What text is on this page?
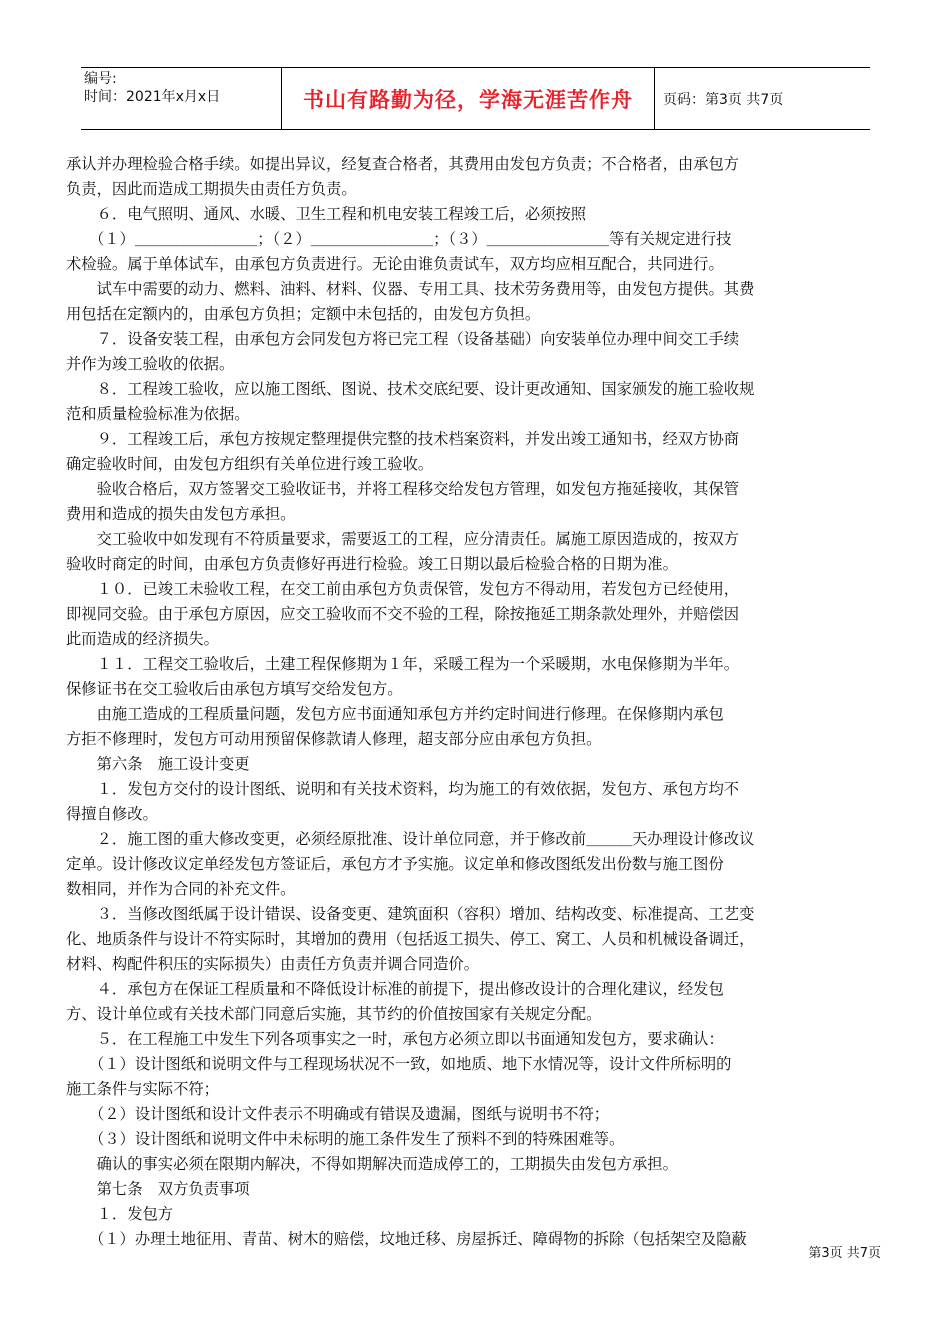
编号:
时间：2021年x月x日	书山有路勤为径，学海无涯苦作舟	页码：第3页 共7页
承认并办理检验合格手续。如提出异议，经复查合格者，其费用由发包方负责；不合格者，由承包方
负责，因此而造成工期损失由责任方负责。
　　６．电气照明、通风、水暖、卫生工程和机电安装工程竣工后，必须按照
　　（１）＿＿＿＿＿＿＿＿；（２）＿＿＿＿＿＿＿＿；（３）＿＿＿＿＿＿＿＿等有关规定进行技
术检验。属于单体试车，由承包方负责进行。无论由谁负责试车，双方均应相互配合，共同进行。
　　试车中需要的动力、燃料、油料、材料、仪器、专用工具、技术劳务费用等，由发包方提供。其费
用包括在定额内的，由承包方负担；定额中未包括的，由发包方负担。
　　７．设备安装工程，由承包方会同发包方将已完工程（设备基础）向安装单位办理中间交工手续
并作为竣工验收的依据。
　　８．工程竣工验收，应以施工图纸、图说、技术交底纪要、设计更改通知、国家颁发的施工验收规
范和质量检验标准为依据。
　　９．工程竣工后，承包方按规定整理提供完整的技术档案资料，并发出竣工通知书，经双方协商
确定验收时间，由发包方组织有关单位进行竣工验收。
　　验收合格后，双方签署交工验收证书，并将工程移交给发包方管理，如发包方拖延接收，其保管
费用和造成的损失由发包方承担。
　　交工验收中如发现有不符质量要求，需要返工的工程，应分清责任。属施工原因造成的，按双方
验收时商定的时间，由承包方负责修好再进行检验。竣工日期以最后检验合格的日期为准。
　　１０．已竣工未验收工程，在交工前由承包方负责保管，发包方不得动用，若发包方已经使用，
即视同交验。由于承包方原因，应交工验收而不交不验的工程，除按拖延工期条款处理外，并赔偿因
此而造成的经济损失。
　　１１．工程交工验收后，土建工程保修期为１年，采暖工程为一个采暖期，水电保修期为半年。
保修证书在交工验收后由承包方填写交给发包方。
　　由施工造成的工程质量问题，发包方应书面通知承包方并约定时间进行修理。在保修期内承包
方拒不修理时，发包方可动用预留保修款请人修理，超支部分应由承包方负担。
　　第六条　施工设计变更
　　１．发包方交付的设计图纸、说明和有关技术资料，均为施工的有效依据，发包方、承包方均不
得擅自修改。
　　２．施工图的重大修改变更，必须经原批准、设计单位同意，并于修改前＿＿＿天办理设计修改议
定单。设计修改议定单经发包方签证后，承包方才予实施。议定单和修改图纸发出份数与施工图份
数相同，并作为合同的补充文件。
　　３．当修改图纸属于设计错误、设备变更、建筑面积（容积）增加、结构改变、标准提高、工艺变
化、地质条件与设计不符实际时，其增加的费用（包括返工损失、停工、窝工、人员和机械设备调迁，
材料、构配件积压的实际损失）由责任方负责并调合同造价。
　　４．承包方在保证工程质量和不降低设计标准的前提下，提出修改设计的合理化建议，经发包
方、设计单位或有关技术部门同意后实施，其节约的价值按国家有关规定分配。
　　５．在工程施工中发生下列各项事实之一时，承包方必须立即以书面通知发包方，要求确认：
　　（１）设计图纸和说明文件与工程现场状况不一致，如地质、地下水情况等，设计文件所标明的
施工条件与实际不符；
　　（２）设计图纸和设计文件表示不明确或有错误及遗漏，图纸与说明书不符；
　　（３）设计图纸和说明文件中未标明的施工条件发生了预料不到的特殊困难等。
　　确认的事实必须在限期内解决，不得如期解决而造成停工的，工期损失由发包方承担。
　　第七条　双方负责事项
　　１．发包方
　　（１）办理土地征用、青苗、树木的赔偿，坟地迁移、房屋拆迁、障碍物的拆除（包括架空及隐蔽
第3页 共7页
